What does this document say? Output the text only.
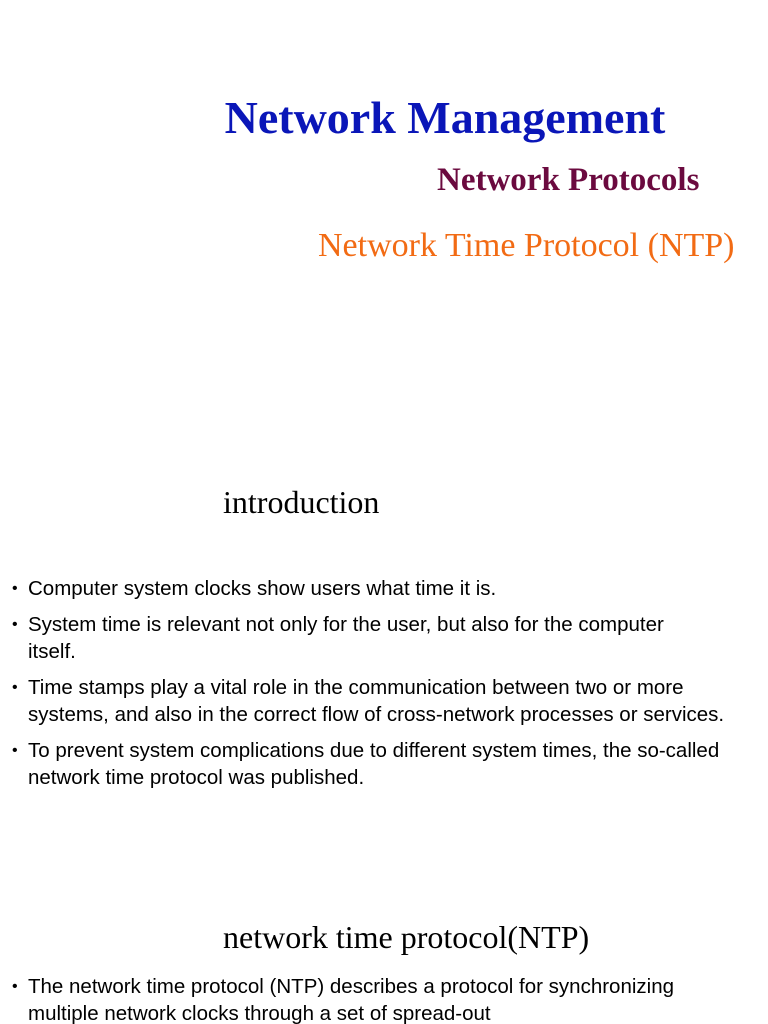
Network Management
Network Protocols
Network Time Protocol (NTP)
introduction
• Computer system clocks show users what time it is.
• System time is relevant not only for the user, but also for the computer itself.
• Time stamps play a vital role in the communication between two or more systems, and also in the correct flow of cross-network processes or services.
• To prevent system complications due to different system times, the so-called network time protocol was published.
network time protocol(NTP)
• The network time protocol (NTP) describes a protocol for synchronizing multiple network clocks through a set of spread-out
